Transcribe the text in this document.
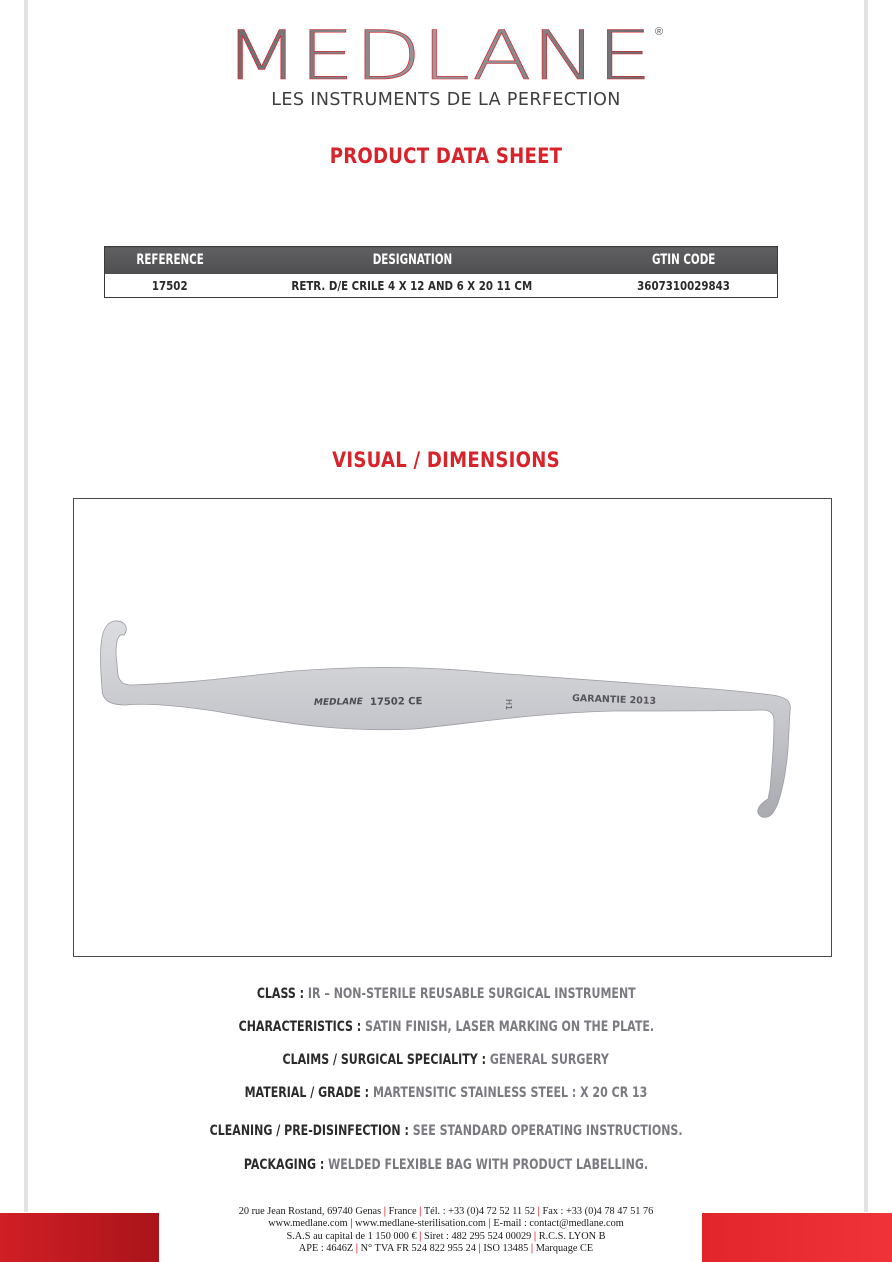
MEDLANE ®
LES INSTRUMENTS DE LA PERFECTION
PRODUCT DATA SHEET
REFERENCE	DESIGNATION	GTIN CODE
17502	RETR. D/E CRILE 4 X 12 AND 6 X 20 11 CM	3607310029843
VISUAL / DIMENSIONS
MEDLANE 17502 CE	H1	GARANTIE 2013
CLASS : IR – NON-STERILE REUSABLE SURGICAL INSTRUMENT
CHARACTERISTICS : SATIN FINISH, LASER MARKING ON THE PLATE.
CLAIMS / SURGICAL SPECIALITY : GENERAL SURGERY
MATERIAL / GRADE : MARTENSITIC STAINLESS STEEL : X 20 CR 13
CLEANING / PRE-DISINFECTION : SEE STANDARD OPERATING INSTRUCTIONS.
PACKAGING : WELDED FLEXIBLE BAG WITH PRODUCT LABELLING.
20 rue Jean Rostand, 69740 Genas | France | Tél. : +33 (0)4 72 52 11 52 | Fax : +33 (0)4 78 47 51 76
www.medlane.com | www.medlane-sterilisation.com | E-mail : contact@medlane.com
S.A.S au capital de 1 150 000 € | Siret : 482 295 524 00029 | R.C.S. LYON B
APE : 4646Z | N° TVA FR 524 822 955 24 | ISO 13485 | Marquage CE
